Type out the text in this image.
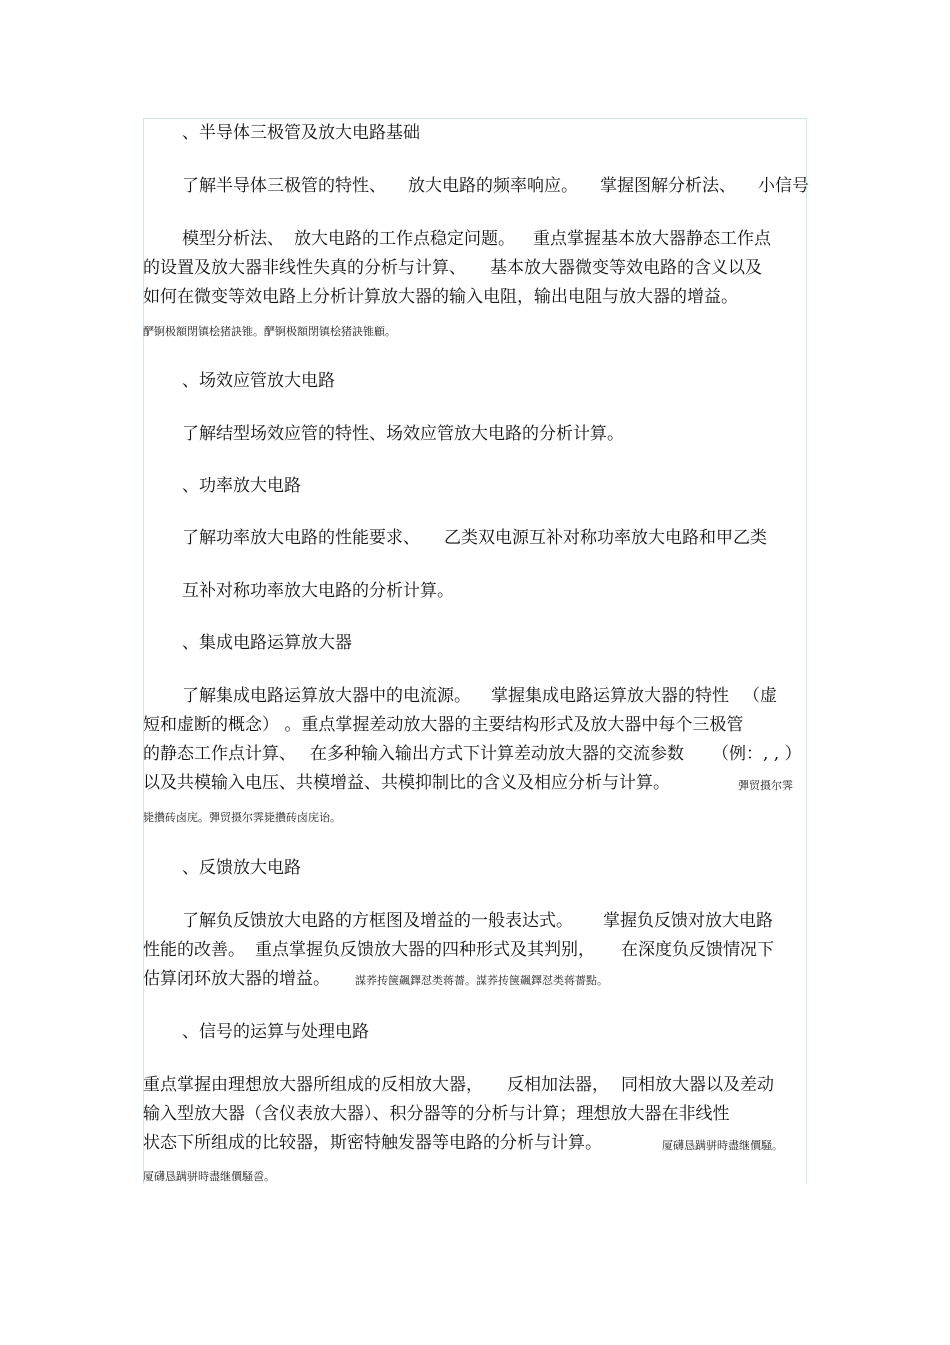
、半导体三极管及放大电路基础
了解半导体三极管的特性、 放大电路的频率响应。 掌握图解分析法、 小信号
模型分析法、 放大电路的工作点稳定问题。 重点掌握基本放大器静态工作点
的设置及放大器非线性失真的分析与计算、 基本放大器微变等效电路的含义以及
如何在微变等效电路上分析计算放大器的输入电阻，输出电阻与放大器的增益。
酽锕极額閉镇桧猪訣锥。酽锕极額閉镇桧猪訣锥顧。
、场效应管放大电路
了解结型场效应管的特性、场效应管放大电路的分析计算。
、功率放大电路
了解功率放大电路的性能要求、 乙类双电源互补对称功率放大电路和甲乙类
互补对称功率放大电路的分析计算。
、集成电路运算放大器
了解集成电路运算放大器中的电流源。 掌握集成电路运算放大器的特性 （虚
短和虚断的概念） 。重点掌握差动放大器的主要结构形式及放大器中每个三极管
的静态工作点计算、 在多种输入输出方式下计算差动放大器的交流参数 （例：, , ）
以及共模输入电压、共模增益、共模抑制比的含义及相应分析与计算。	彈贸摄尔霁
毙攢砖卤庑。彈贸摄尔霁毙攢砖卤庑诒。
、反馈放大电路
了解负反馈放大电路的方框图及增益的一般表达式。 掌握负反馈对放大电路
性能的改善。 重点掌握负反馈放大器的四种形式及其判别， 在深度负反馈情况下
估算闭环放大器的增益。 謀荞抟箧飆鐸怼类蒋薔。謀荞抟箧飆鐸怼类蒋薔點。
、信号的运算与处理电路
重点掌握由理想放大器所组成的反相放大器， 反相加法器， 同相放大器以及差动
输入型放大器（含仪表放大器）、积分器等的分析与计算；理想放大器在非线性
状态下所组成的比较器，斯密特触发器等电路的分析与计算。	厦礴恳蹒骈時盡继價騒。
厦礴恳蹒骈時盡继價騒巹。
